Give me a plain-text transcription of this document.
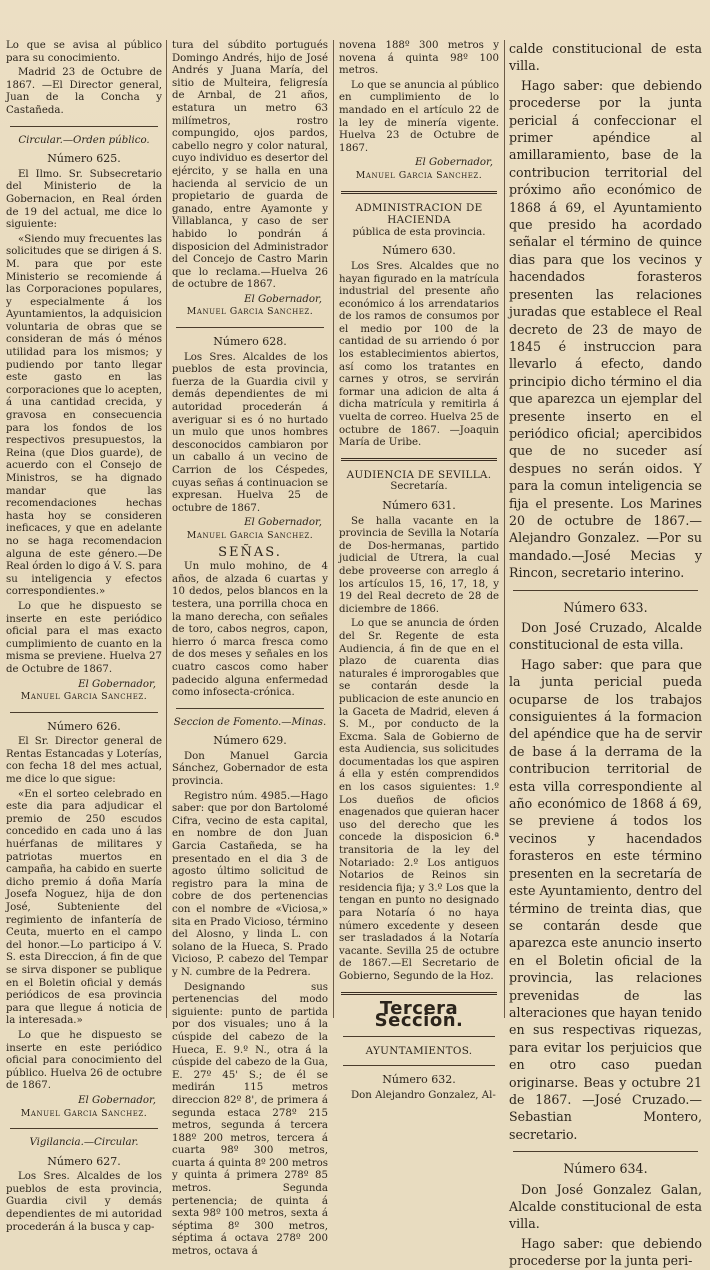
Lo que se avisa al público para su conocimiento.

Madrid 23 de Octubre de 1867. —El Director general, Juan de la Concha y Castañeda.

Circular.—Orden público.

Número 625.

El Ilmo. Sr. Subsecretario del Ministerio de la Gobernacion, en Real órden de 19 del actual, me dice lo siguiente:

«Siendo muy frecuentes las solicitudes que se dirigen á S. M. para que por este Ministerio se recomiende á las Corporaciones populares, y especialmente á los Ayuntamientos, la adquisicion voluntaria de obras que se consideran de más ó ménos utilidad para los mismos; y pudiendo por tanto llegar este gasto en las corporaciones que lo acepten, á una cantidad crecida, y gravosa en consecuencia para los fondos de los respectivos presupuestos, la Reina (que Dios guarde), de acuerdo con el Consejo de Ministros, se ha dignado mandar que las recomendaciones hechas hasta hoy se consideren ineficaces, y que en adelante no se haga recomendacion alguna de este género.—De Real órden lo digo á V. S. para su inteligencia y efectos correspondientes.»

Lo que he dispuesto se inserte en este periódico oficial para el mas exacto cumplimiento de cuanto en la misma se previene. Huelva 27 de Octubre de 1867.

El Gobernador,

Manuel Garcia Sanchez.

Número 626.

El Sr. Director general de Rentas Estancadas y Loterías, con fecha 18 del mes actual, me dice lo que sigue:

«En el sorteo celebrado en este dia para adjudicar el premio de 250 escudos concedido en cada uno á las huérfanas de militares y patriotas muertos en campaña, ha cabido en suerte dicho premio á doña María Josefa Noguez, hija de don José, Subteniente del regimiento de infantería de Ceuta, muerto en el campo del honor.—Lo participo á V. S. esta Direccion, á fin de que se sirva disponer se publique en el Boletin oficial y demás periódicos de esa provincia para que llegue á noticia de la interesada.»

Lo que he dispuesto se inserte en este periódico oficial para conocimiento del público. Huelva 26 de octubre de 1867.

El Gobernador,

Manuel Garcia Sanchez.

Vigilancia.—Circular.

Número 627.

Los Sres. Alcaldes de los pueblos de esta provincia, Guardia civil y demás dependientes de mi autoridad procederán á la busca y cap-

tura del súbdito portugués Domingo Andrés, hijo de José Andrés y Juana María, del sitio de Multeira, feligresía de Arnbal, de 21 años, estatura un metro 63 milímetros, rostro compungido, ojos pardos, cabello negro y color natural, cuyo individuo es desertor del ejército, y se halla en una hacienda al servicio de un propietario de guarda de ganado, entre Ayamonte y Villablanca, y caso de ser habido lo pondrán á disposicion del Administrador del Concejo de Castro Marin que lo reclama.—Huelva 26 de octubre de 1867.

El Gobernador,

Manuel Garcia Sanchez.

Número 628.

Los Sres. Alcaldes de los pueblos de esta provincia, fuerza de la Guardia civil y demás dependientes de mi autoridad procederán á averiguar si es ó no hurtado un mulo que unos hombres desconocidos cambiaron por un caballo á un vecino de Carrion de los Céspedes, cuyas señas á continuacion se expresan. Huelva 25 de octubre de 1867.

El Gobernador,

Manuel Garcia Sanchez.

SEÑAS.

Un mulo mohino, de 4 años, de alzada 6 cuartas y 10 dedos, pelos blancos en la testera, una porrilla choca en la mano derecha, con señales de toro, cabos negros, capon, hierro ó marca fresca como de dos meses y señales en los cuatro cascos como haber padecido alguna enfermedad como infosecta-crónica.

Seccion de Fomento.—Minas.

Número 629.

Don Manuel Garcia Sánchez, Gobernador de esta provincia.

Registro núm. 4985.—Hago saber: que por don Bartolomé Cifra, vecino de esta capital, en nombre de don Juan Garcia Castañeda, se ha presentado en el dia 3 de agosto último solicitud de registro para la mina de cobre de dos pertenencias con el nombre de «Viciosa,» sita en Prado Vicioso, término del Alosno, y linda L. con solano de la Hueca, S. Prado Vicioso, P. cabezo del Tempar y N. cumbre de la Pedrera.

Designando sus pertenencias del modo siguiente: punto de partida por dos visuales; uno á la cúspide del cabezo de la Hueca, E. 9.º N., otra á la cúspide del cabezo de la Gua, E. 27º 45' S.; de él se medirán 115 metros direccion 82º 8', de primera á segunda estaca 278º 215 metros, segunda á tercera 188º 200 metros, tercera á cuarta 98º 300 metros, cuarta á quinta 8º 200 metros y quinta á primera 278º 85 metros. Segunda pertenencia; de quinta á sexta 98º 100 metros, sexta á séptima 8º 300 metros, séptima á octava 278º 200 metros, octava á

novena 188º 300 metros y novena á quinta 98º 100 metros.

Lo que se anuncia al público en cumplimiento de lo mandado en el artículo 22 de la ley de minería vigente. Huelva 23 de Octubre de 1867.

El Gobernador,

Manuel Garcia Sanchez.

ADMINISTRACION DE HACIENDA

pública de esta provincia.

Número 630.

Los Sres. Alcaldes que no hayan figurado en la matrícula industrial del presente año económico á los arrendatarios de los ramos de consumos por el medio por 100 de la cantidad de su arriendo ó por los establecimientos abiertos, así como los tratantes en carnes y otros, se servirán formar una adicion de alta á dicha matrícula y remitirla á vuelta de correo. Huelva 25 de octubre de 1867. —Joaquin María de Uribe.

AUDIENCIA DE SEVILLA.

Secretaría.

Número 631.

Se halla vacante en la provincia de Sevilla la Notaría de Dos-hermanas, partido judicial de Utrera, la cual debe proveerse con arreglo á los artículos 15, 16, 17, 18, y 19 del Real decreto de 28 de diciembre de 1866.

Lo que se anuncia de órden del Sr. Regente de esta Audiencia, á fin de que en el plazo de cuarenta dias naturales é improrogables que se contarán desde la publicacion de este anuncio en la Gaceta de Madrid, eleven á S. M., por conducto de la Excma. Sala de Gobierno de esta Audiencia, sus solicitudes documentadas los que aspiren á ella y estén comprendidos en los casos siguientes: 1.º Los dueños de oficios enagenados que quieran hacer uso del derecho que les concede la disposicion 6.ª transitoria de la ley del Notariado: 2.º Los antiguos Notarios de Reinos sin residencia fija; y 3.º Los que la tengan en punto no designado para Notaría ó no haya número excedente y deseen ser trasladados á la Notaría vacante. Sevilla 25 de octubre de 1867.—El Secretario de Gobierno, Segundo de la Hoz.

Tercera Seccion.

AYUNTAMIENTOS.

Número 632.

Don Alejandro Gonzalez, Al-

calde constitucional de esta villa.

Hago saber: que debiendo procederse por la junta pericial á confeccionar el primer apéndice al amillaramiento, base de la contribucion territorial del próximo año económico de 1868 á 69, el Ayuntamiento que presido ha acordado señalar el término de quince dias para que los vecinos y hacendados forasteros presenten las relaciones juradas que establece el Real decreto de 23 de mayo de 1845 é instruccion para llevarlo á efecto, dando principio dicho término el dia que aparezca un ejemplar del presente inserto en el periódico oficial; apercibidos que de no suceder así despues no serán oidos. Y para la comun inteligencia se fija el presente. Los Marines 20 de octubre de 1867.—Alejandro Gonzalez. —Por su mandado.—José Mecias y Rincon, secretario interino.

Número 633.

Don José Cruzado, Alcalde constitucional de esta villa.

Hago saber: que para que la junta pericial pueda ocuparse de los trabajos consiguientes á la formacion del apéndice que ha de servir de base á la derrama de la contribucion territorial de esta villa correspondiente al año económico de 1868 á 69, se previene á todos los vecinos y hacendados forasteros en este término presenten en la secretaría de este Ayuntamiento, dentro del término de treinta dias, que se contarán desde que aparezca este anuncio inserto en el Boletin oficial de la provincia, las relaciones prevenidas de las alteraciones que hayan tenido en sus respectivas riquezas, para evitar los perjuicios que en otro caso puedan originarse. Beas y octubre 21 de 1867. —José Cruzado.—Sebastian Montero, secretario.

Número 634.

Don José Gonzalez Galan, Alcalde constitucional de esta villa.

Hago saber: que debiendo procederse por la junta peri-
